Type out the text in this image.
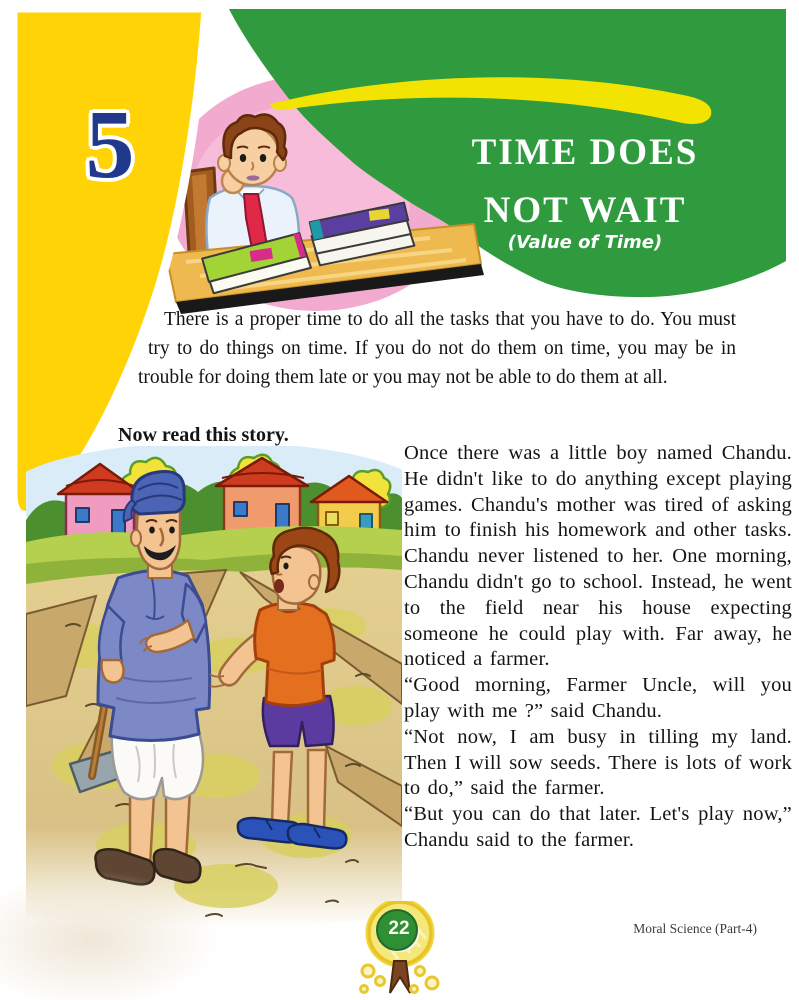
5	TIME DOES
NOT WAIT
(Value of Time)
There is a proper time to do all the tasks that you have to do. You must try to do things on time. If you do not do them on time, you may be in trouble for doing them late or you may not be able to do them at all.

Now read this story.

Once there was a little boy named Chandu. He didn't like to do anything except playing games. Chandu's mother was tired of asking him to finish his homework and other tasks. Chandu never listened to her. One morning, Chandu didn't go to school. Instead, he went to the field near his house expecting someone he could play with. Far away, he noticed a farmer.

“Good morning, Farmer Uncle, will you play with me ?” said Chandu.

“Not now, I am busy in tilling my land. Then I will sow seeds. There is lots of work to do,” said the farmer.

“But you can do that later. Let's play now,” Chandu said to the farmer.

22	Moral Science (Part-4)
